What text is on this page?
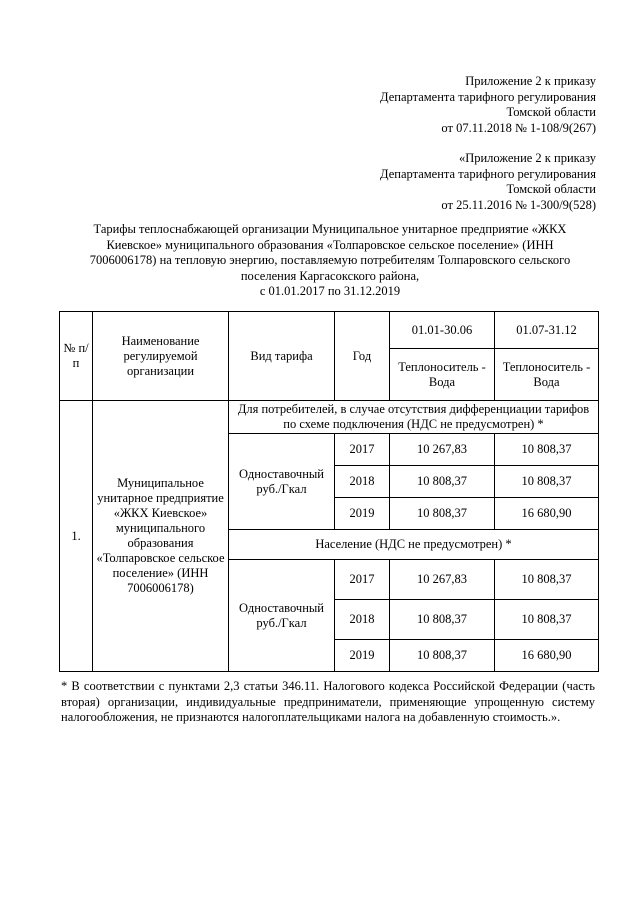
Приложение 2 к приказу
Департамента тарифного регулирования
Томской области
от 07.11.2018 № 1-108/9(267)
«Приложение 2 к приказу
Департамента тарифного регулирования
Томской области
от 25.11.2016 № 1-300/9(528)
Тарифы теплоснабжающей организации Муниципальное унитарное предприятие «ЖКХ
Киевское» муниципального образования «Толпаровское сельское поселение» (ИНН
7006006178) на тепловую энергию, поставляемую потребителям Толпаровского сельского
поселения Каргасокского района,
с 01.01.2017 по 31.12.2019
№ п/п	Наименование регулируемой организации	Вид тарифа	Год	01.01-30.06	01.07-31.12
				Теплоноситель - Вода	Теплоноситель - Вода
1.	Муниципальное унитарное предприятие «ЖКХ Киевское» муниципального образования «Толпаровское сельское поселение» (ИНН 7006006178)	Для потребителей, в случае отсутствия дифференциации тарифов по схеме подключения (НДС не предусмотрен) *			
		Одноставочный руб./Гкал	2017	10 267,83	10 808,37
			2018	10 808,37	10 808,37
			2019	10 808,37	16 680,90
		Население (НДС не предусмотрен) *			
		Одноставочный руб./Гкал	2017	10 267,83	10 808,37
			2018	10 808,37	10 808,37
			2019	10 808,37	16 680,90
* В соответствии с пунктами 2,3 статьи 346.11. Налогового кодекса Российской Федерации (часть вторая) организации, индивидуальные предприниматели, применяющие упрощенную систему налогообложения, не признаются налогоплательщиками налога на добавленную стоимость.».
